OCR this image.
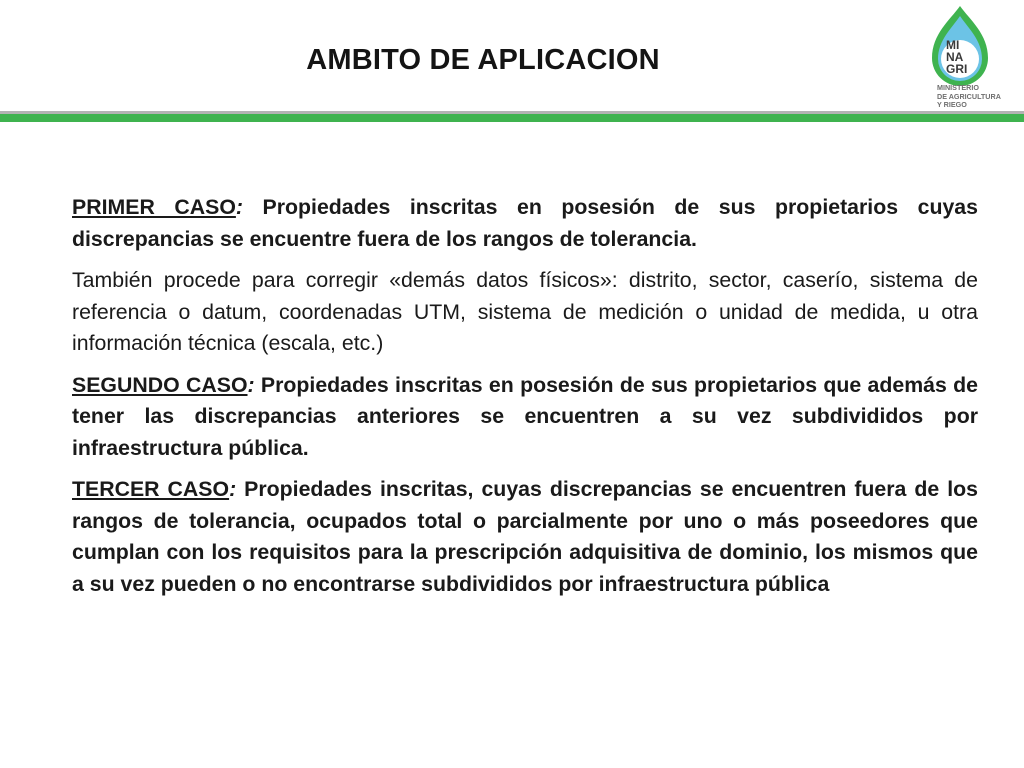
AMBITO DE APLICACION	MI
NA
GRI
MINISTERIO
DE AGRICULTURA
Y RIEGO

PRIMER CASO: Propiedades inscritas en posesión de sus propietarios cuyas discrepancias se encuentre fuera de los rangos de tolerancia.

También procede para corregir «demás datos físicos»: distrito, sector, caserío, sistema de referencia o datum, coordenadas UTM, sistema de medición o unidad de medida, u otra información técnica (escala, etc.)

SEGUNDO CASO: Propiedades inscritas en posesión de sus propietarios que además de tener las discrepancias anteriores se encuentren a su vez subdivididos por infraestructura pública.

TERCER CASO: Propiedades inscritas, cuyas discrepancias se encuentren fuera de los rangos de tolerancia, ocupados total o parcialmente por uno o más poseedores que cumplan con los requisitos para la prescripción adquisitiva de dominio, los mismos que a su vez pueden o no encontrarse subdivididos por infraestructura pública
